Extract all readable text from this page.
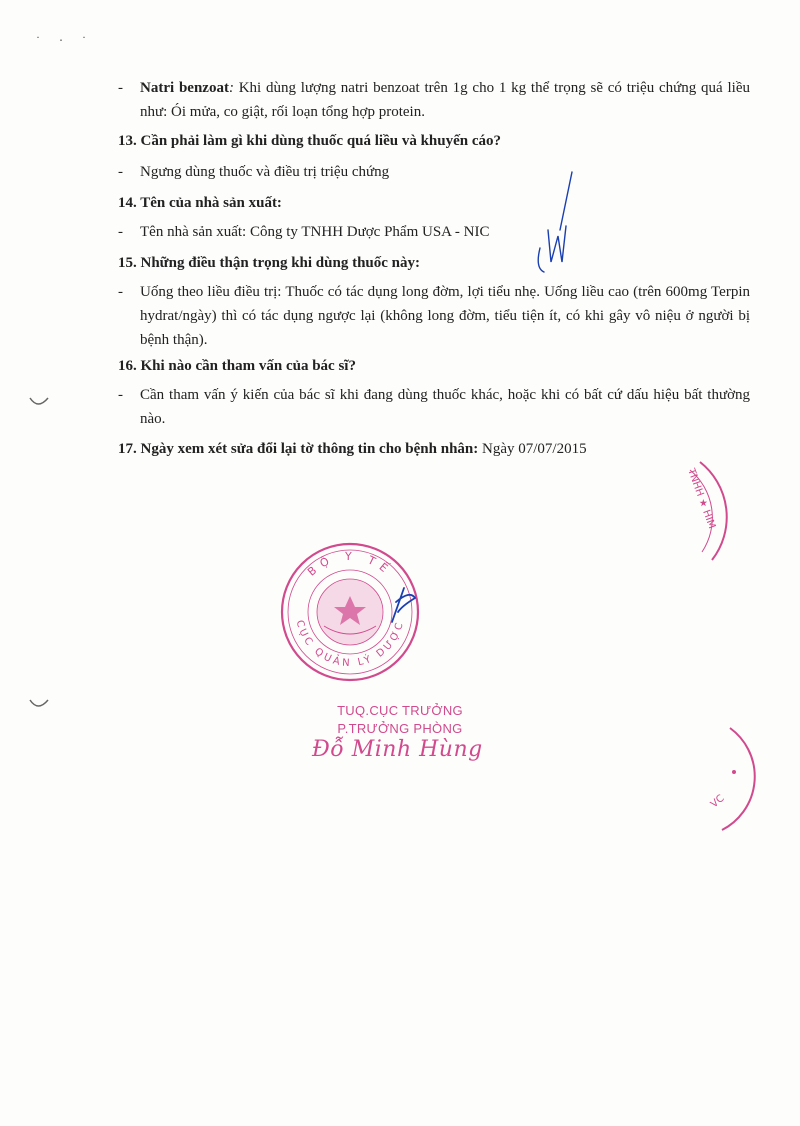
· ․ ·
- Natri benzoat: Khi dùng lượng natri benzoat trên 1g cho 1 kg thể trọng sẽ có triệu chứng quá liều như: Ói mửa, co giật, rối loạn tổng hợp protein.
13. Cần phải làm gì khi dùng thuốc quá liều và khuyến cáo?
- Ngưng dùng thuốc và điều trị triệu chứng
14. Tên của nhà sản xuất:
- Tên nhà sản xuất: Công ty TNHH Dược Phẩm USA - NIC
15. Những điều thận trọng khi dùng thuốc này:
- Uống theo liều điều trị: Thuốc có tác dụng long đờm, lợi tiểu nhẹ. Uống liều cao (trên 600mg Terpin hydrat/ngày) thì có tác dụng ngược lại (không long đờm, tiểu tiện ít, có khi gây vô niệu ở người bị bệnh thận).
16. Khi nào cần tham vấn của bác sĩ?
- Cần tham vấn ý kiến của bác sĩ khi đang dùng thuốc khác, hoặc khi có bất cứ dấu hiệu bất thường nào.
17. Ngày xem xét sửa đổi lại tờ thông tin cho bệnh nhân: Ngày 07/07/2015
TNHH ★ HIM
VC
BỘ Y TẾ
CỤC QUẢN LÝ DƯỢC
TUQ.CỤC TRƯỞNG
P.TRƯỞNG PHÒNG
Đỗ Minh Hùng
